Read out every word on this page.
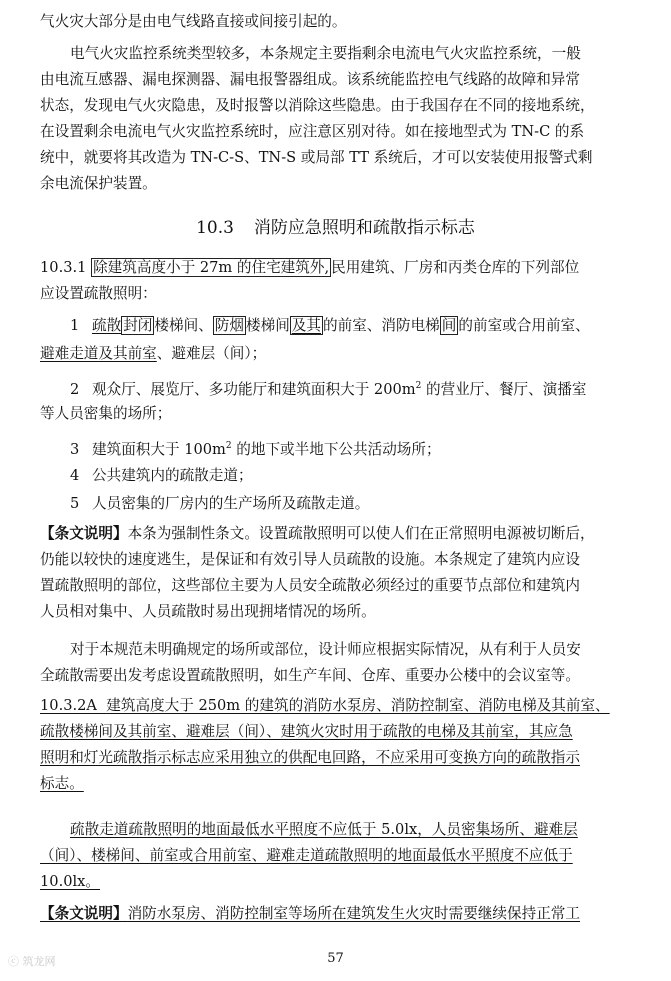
气火灾大部分是由电气线路直接或间接引起的。
电气火灾监控系统类型较多，本条规定主要指剩余电流电气火灾监控系统，一般
由电流互感器、漏电探测器、漏电报警器组成。该系统能监控电气线路的故障和异常
状态，发现电气火灾隐患，及时报警以消除这些隐患。由于我国存在不同的接地系统，
在设置剩余电流电气火灾监控系统时，应注意区别对待。如在接地型式为 TN-C 的系
统中，就要将其改造为 TN-C-S、TN-S 或局部 TT 系统后，才可以安装使用报警式剩
余电流保护装置。
10.3 消防应急照明和疏散指示标志
10.3.1 除建筑高度小于 27m 的住宅建筑外, 民用建筑、厂房和丙类仓库的下列部位
应设置疏散照明：
1 疏散 封闭 楼梯间、 防烟 楼梯间 及其 的前室、消防电梯 间 的前室或合用前室、
避难走道及其前室、避难层（间）；
2 观众厅、展览厅、多功能厅和建筑面积大于 $200m^2$ 的营业厅、餐厅、演播室
等人员密集的场所；
3 建筑面积大于 $100m^2$ 的地下或半地下公共活动场所；
4 公共建筑内的疏散走道；
5 人员密集的厂房内的生产场所及疏散走道。
【条文说明】本条为强制性条文。设置疏散照明可以使人们在正常照明电源被切断后，
仍能以较快的速度逃生，是保证和有效引导人员疏散的设施。本条规定了建筑内应设
置疏散照明的部位，这些部位主要为人员安全疏散必须经过的重要节点部位和建筑内
人员相对集中、人员疏散时易出现拥堵情况的场所。
对于本规范未明确规定的场所或部位，设计师应根据实际情况，从有利于人员安
全疏散需要出发考虑设置疏散照明，如生产车间、仓库、重要办公楼中的会议室等。
10.3.2A 建筑高度大于 250m 的建筑的消防水泵房、消防控制室、消防电梯及其前室、
疏散楼梯间及其前室、避难层（间）、建筑火灾时用于疏散的电梯及其前室，其应急
照明和灯光疏散指示标志应采用独立的供配电回路，不应采用可变换方向的疏散指示
标志。
疏散走道疏散照明的地面最低水平照度不应低于 5.0lx，人员密集场所、避难层
（间）、楼梯间、前室或合用前室、避难走道疏散照明的地面最低水平照度不应低于
10.0lx。
【条文说明】消防水泵房、消防控制室等场所在建筑发生火灾时需要继续保持正常工
57
ⓒ 筑龙网
